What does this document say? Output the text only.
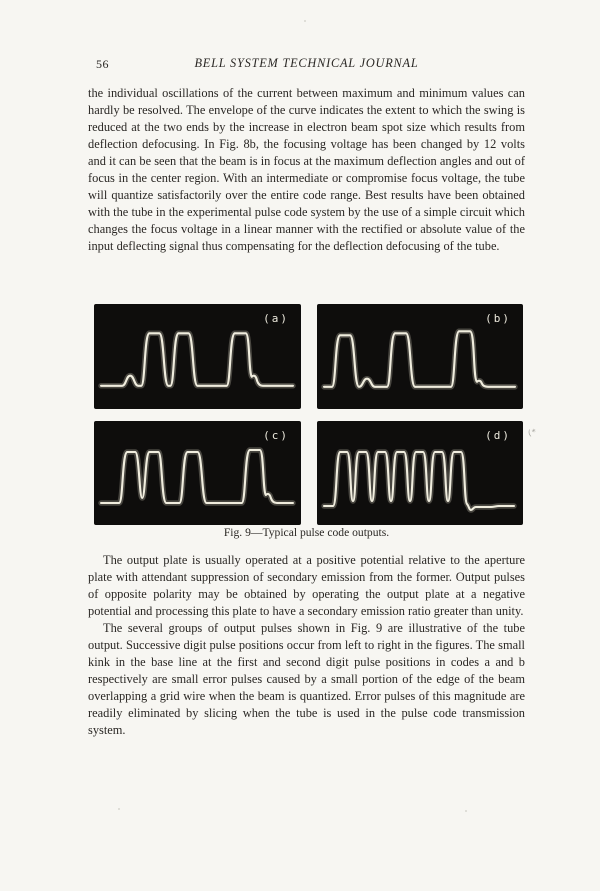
56	BELL SYSTEM TECHNICAL JOURNAL
the individual oscillations of the current between maximum and minimum values can hardly be resolved. The envelope of the curve indicates the extent to which the swing is reduced at the two ends by the increase in electron beam spot size which results from deflection defocusing. In Fig. 8b, the focusing voltage has been changed by 12 volts and it can be seen that the beam is in focus at the maximum deflection angles and out of focus in the center region. With an intermediate or compromise focus voltage, the tube will quantize satisfactorily over the entire code range. Best results have been obtained with the tube in the experimental pulse code system by the use of a simple circuit which changes the focus voltage in a linear manner with the rectified or absolute value of the input deflecting signal thus compensating for the deflection defocusing of the tube.
(a)	(b)
(c)	(d) (*
Fig. 9—Typical pulse code outputs.

The output plate is usually operated at a positive potential relative to the aperture plate with attendant suppression of secondary emission from the former. Output pulses of opposite polarity may be obtained by operating the output plate at a negative potential and processing this plate to have a secondary emission ratio greater than unity.

The several groups of output pulses shown in Fig. 9 are illustrative of the tube output. Successive digit pulse positions occur from left to right in the figures. The small kink in the base line at the first and second digit pulse positions in codes a and b respectively are small error pulses caused by a small portion of the edge of the beam overlapping a grid wire when the beam is quantized. Error pulses of this magnitude are readily eliminated by slicing when the tube is used in the pulse code transmission system.
